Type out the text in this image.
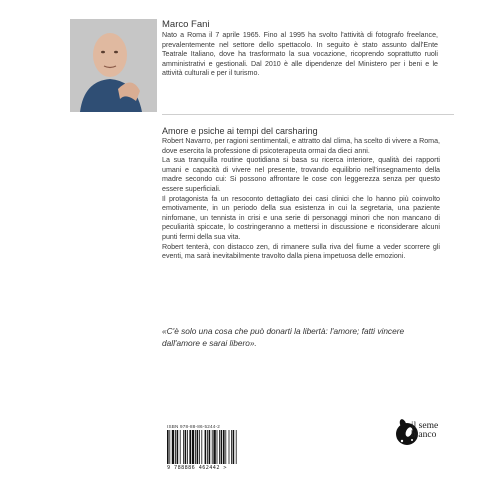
Marco Fani
Nato a Roma il 7 aprile 1965. Fino al 1995 ha svolto l'attività di fotografo freelance, prevalentemente nel settore dello spettacolo. In seguito è stato assunto dall'Ente Teatrale Italiano, dove ha trasformato la sua vocazione, ricoprendo soprattutto ruoli amministrativi e gestionali. Dal 2010 è alle dipendenze del Ministero per i beni e le attività culturali e per il turismo.
Amore e psiche ai tempi del carsharing

Robert Navarro, per ragioni sentimentali, e attratto dal clima, ha scelto di vivere a Roma, dove esercita la professione di psicoterapeuta ormai da dieci anni.

La sua tranquilla routine quotidiana si basa su ricerca interiore, qualità dei rapporti umani e capacità di vivere nel presente, trovando equilibrio nell'insegnamento della madre secondo cui: Si possono affrontare le cose con leggerezza senza per questo essere superficiali.

Il protagonista fa un resoconto dettagliato dei casi clinici che lo hanno più coinvolto emotivamente, in un periodo della sua esistenza in cui la segretaria, una paziente ninfomane, un tennista in crisi e una serie di personaggi minori che non mancano di peculiarità spiccate, lo costringeranno a mettersi in discussione e riconsiderare alcuni punti fermi della sua vita.

Robert tenterà, con distacco zen, di rimanere sulla riva del fiume a veder scorrere gli eventi, ma sarà inevitabilmente travolto dalla piena impetuosa delle emozioni.

«C'è solo una cosa che può donarti la libertà: l'amore; fatti vincere dall'amore e sarai libero».
ISBN 978-88-86-5244-2
9 788886 462442 >
il seme
bianco
